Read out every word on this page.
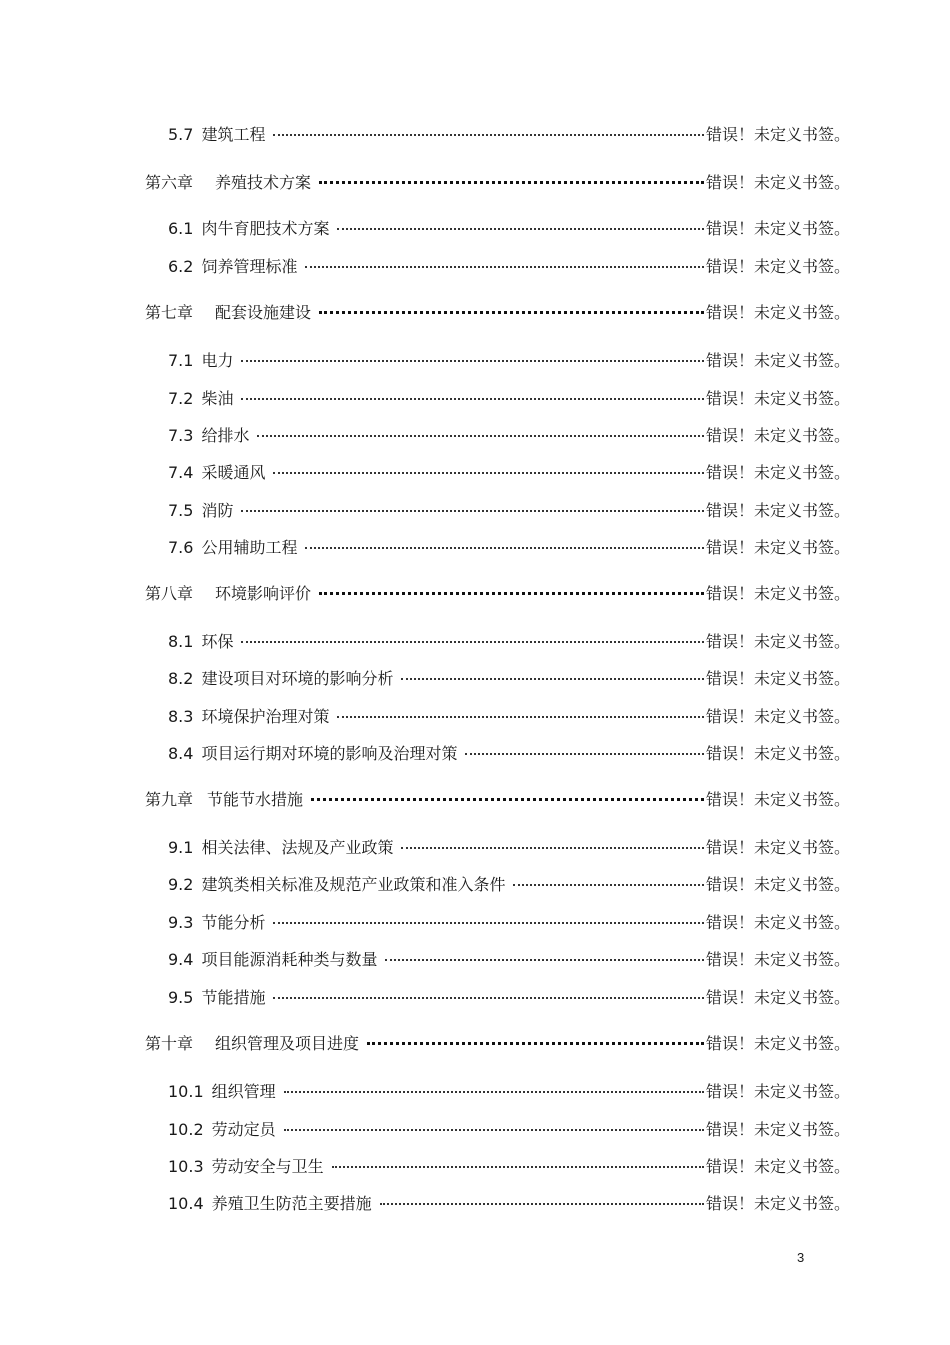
5.7 建筑工程	错误！未定义书签。
第六章 养殖技术方案	错误！未定义书签。
6.1 肉牛育肥技术方案	错误！未定义书签。
6.2 饲养管理标准	错误！未定义书签。
第七章 配套设施建设	错误！未定义书签。
7.1 电力	错误！未定义书签。
7.2 柴油	错误！未定义书签。
7.3 给排水	错误！未定义书签。
7.4 采暖通风	错误！未定义书签。
7.5 消防	错误！未定义书签。
7.6 公用辅助工程	错误！未定义书签。
第八章 环境影响评价	错误！未定义书签。
8.1 环保	错误！未定义书签。
8.2 建设项目对环境的影响分析	错误！未定义书签。
8.3 环境保护治理对策	错误！未定义书签。
8.4 项目运行期对环境的影响及治理对策	错误！未定义书签。
第九章 节能节水措施	错误！未定义书签。
9.1 相关法律、法规及产业政策	错误！未定义书签。
9.2 建筑类相关标准及规范产业政策和准入条件	错误！未定义书签。
9.3 节能分析	错误！未定义书签。
9.4 项目能源消耗种类与数量	错误！未定义书签。
9.5 节能措施	错误！未定义书签。
第十章 组织管理及项目进度	错误！未定义书签。
10.1 组织管理	错误！未定义书签。
10.2 劳动定员	错误！未定义书签。
10.3 劳动安全与卫生	错误！未定义书签。
10.4 养殖卫生防范主要措施	错误！未定义书签。
3
